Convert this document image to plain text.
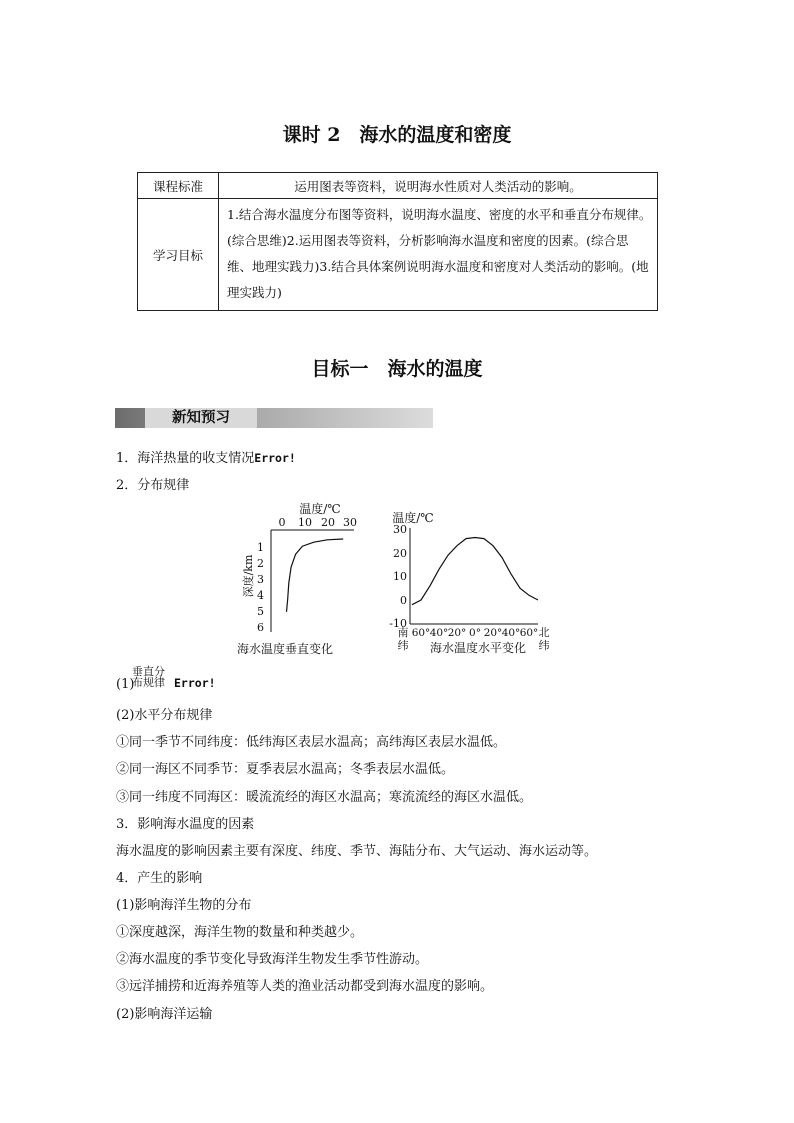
课时 2　海水的温度和密度
课程标准	运用图表等资料，说明海水性质对人类活动的影响。
学习目标	1.结合海水温度分布图等资料，说明海水温度、密度的水平和垂直分布规律。(综合思维)2.运用图表等资料，分析影响海水温度和密度的因素。(综合思维、地理实践力)3.结合具体案例说明海水温度和密度对人类活动的影响。(地理实践力)
目标一　海水的温度
新知预习
1．海洋热量的收支情况Error!
2．分布规律
温度/℃
0 10 20 30
1
2
3
4
5
6
深度/km
海水温度垂直变化
温度/℃
30
20
10
0
-10
南
纬
60° 40° 20° 0° 20° 40° 60° 北
纬
海水温度水平变化
(1)
垂直分
布规律 Error!
(2)水平分布规律
①同一季节不同纬度：低纬海区表层水温高；高纬海区表层水温低。
②同一海区不同季节：夏季表层水温高；冬季表层水温低。
③同一纬度不同海区：暖流流经的海区水温高；寒流流经的海区水温低。
3．影响海水温度的因素
海水温度的影响因素主要有深度、纬度、季节、海陆分布、大气运动、海水运动等。
4．产生的影响
(1)影响海洋生物的分布
①深度越深，海洋生物的数量和种类越少。
②海水温度的季节变化导致海洋生物发生季节性游动。
③远洋捕捞和近海养殖等人类的渔业活动都受到海水温度的影响。
(2)影响海洋运输
